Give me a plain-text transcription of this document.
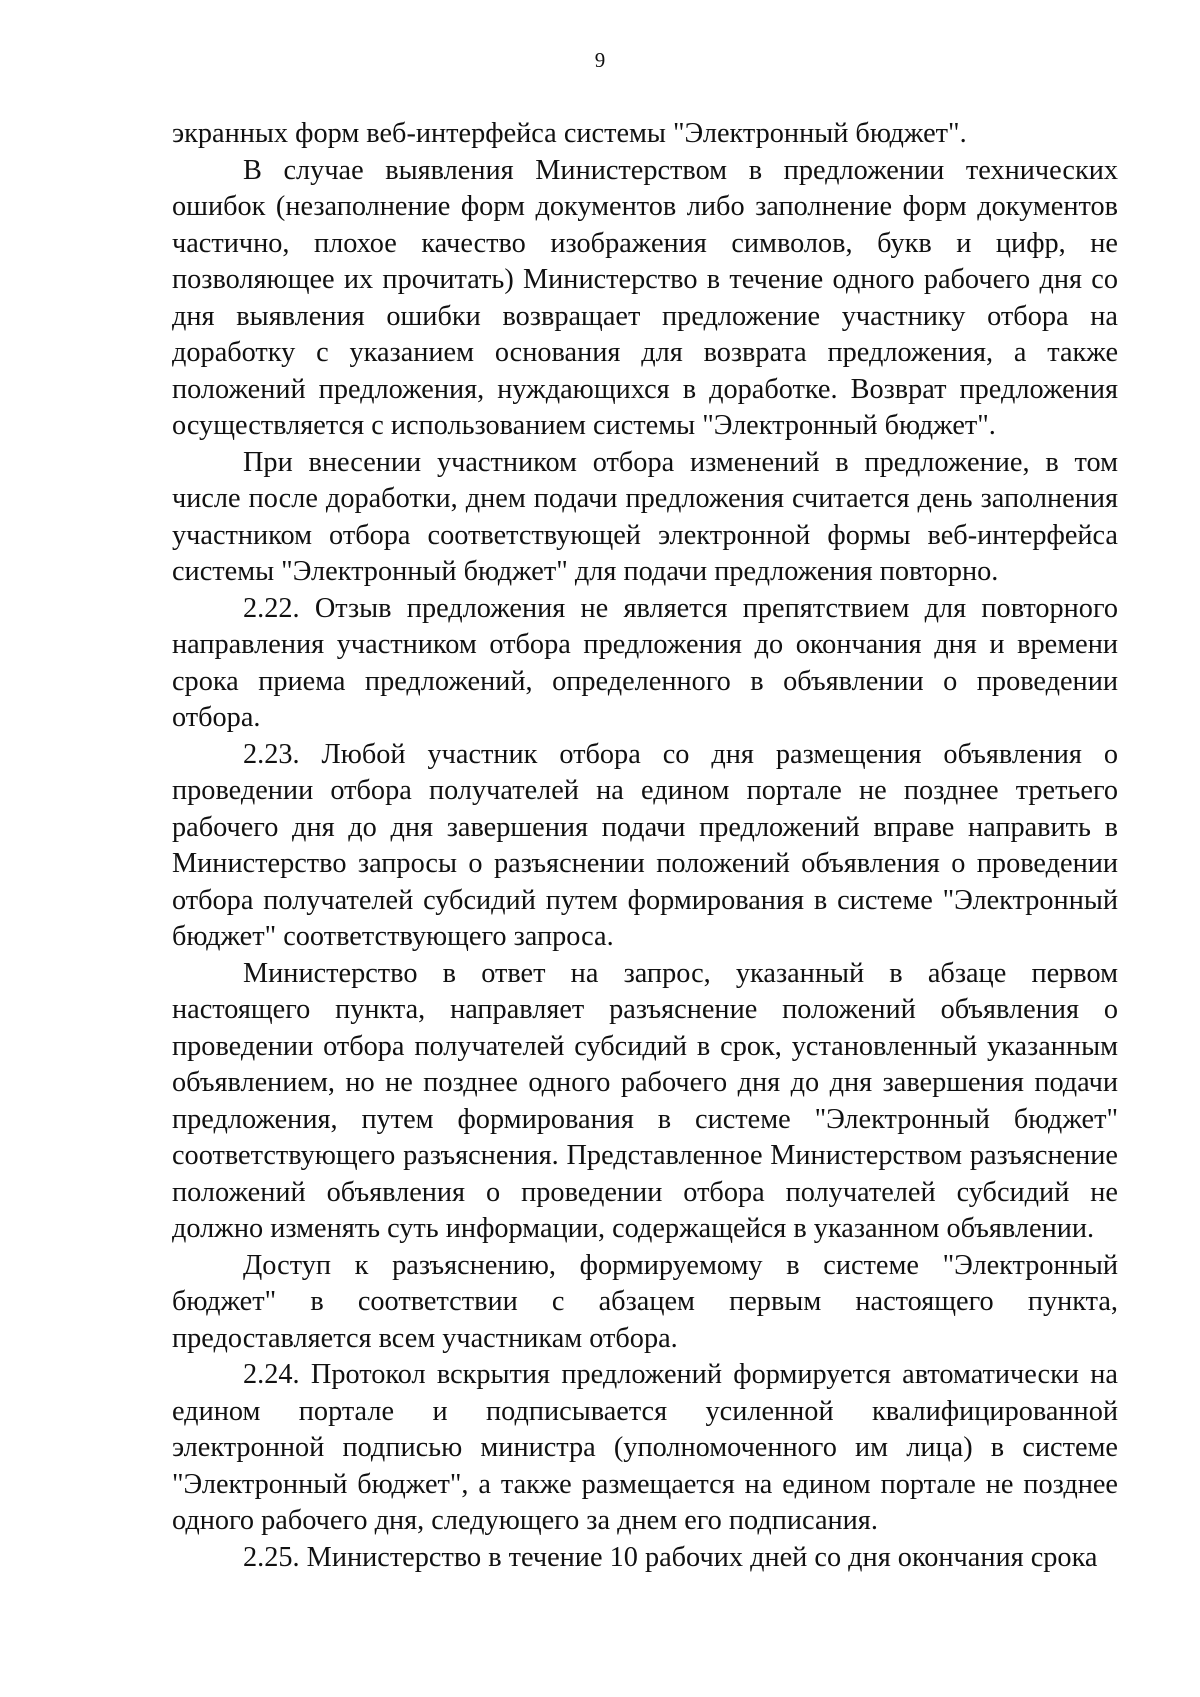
9

экранных форм веб-интерфейса системы "Электронный бюджет".

В случае выявления Министерством в предложении технических ошибок (незаполнение форм документов либо заполнение форм документов частично, плохое качество изображения символов, букв и цифр, не позволяющее их прочитать) Министерство в течение одного рабочего дня со дня выявления ошибки возвращает предложение участнику отбора на доработку с указанием основания для возврата предложения, а также положений предложения, нуждающихся в доработке. Возврат предложения осуществляется с использованием системы "Электронный бюджет".

При внесении участником отбора изменений в предложение, в том числе после доработки, днем подачи предложения считается день заполнения участником отбора соответствующей электронной формы веб-интерфейса системы "Электронный бюджет" для подачи предложения повторно.

2.22. Отзыв предложения не является препятствием для повторного направления участником отбора предложения до окончания дня и времени срока приема предложений, определенного в объявлении о проведении отбора.

2.23. Любой участник отбора со дня размещения объявления о проведении отбора получателей на едином портале не позднее третьего рабочего дня до дня завершения подачи предложений вправе направить в Министерство запросы о разъяснении положений объявления о проведении отбора получателей субсидий путем формирования в системе "Электронный бюджет" соответствующего запроса.

Министерство в ответ на запрос, указанный в абзаце первом настоящего пункта, направляет разъяснение положений объявления о проведении отбора получателей субсидий в срок, установленный указанным объявлением, но не позднее одного рабочего дня до дня завершения подачи предложения, путем формирования в системе "Электронный бюджет" соответствующего разъяснения. Представленное Министерством разъяснение положений объявления о проведении отбора получателей субсидий не должно изменять суть информации, содержащейся в указанном объявлении.

Доступ к разъяснению, формируемому в системе "Электронный бюджет" в соответствии с абзацем первым настоящего пункта, предоставляется всем участникам отбора.

2.24. Протокол вскрытия предложений формируется автоматически на едином портале и подписывается усиленной квалифицированной электронной подписью министра (уполномоченного им лица) в системе "Электронный бюджет", а также размещается на едином портале не позднее одного рабочего дня, следующего за днем его подписания.

2.25. Министерство в течение 10 рабочих дней со дня окончания срока
